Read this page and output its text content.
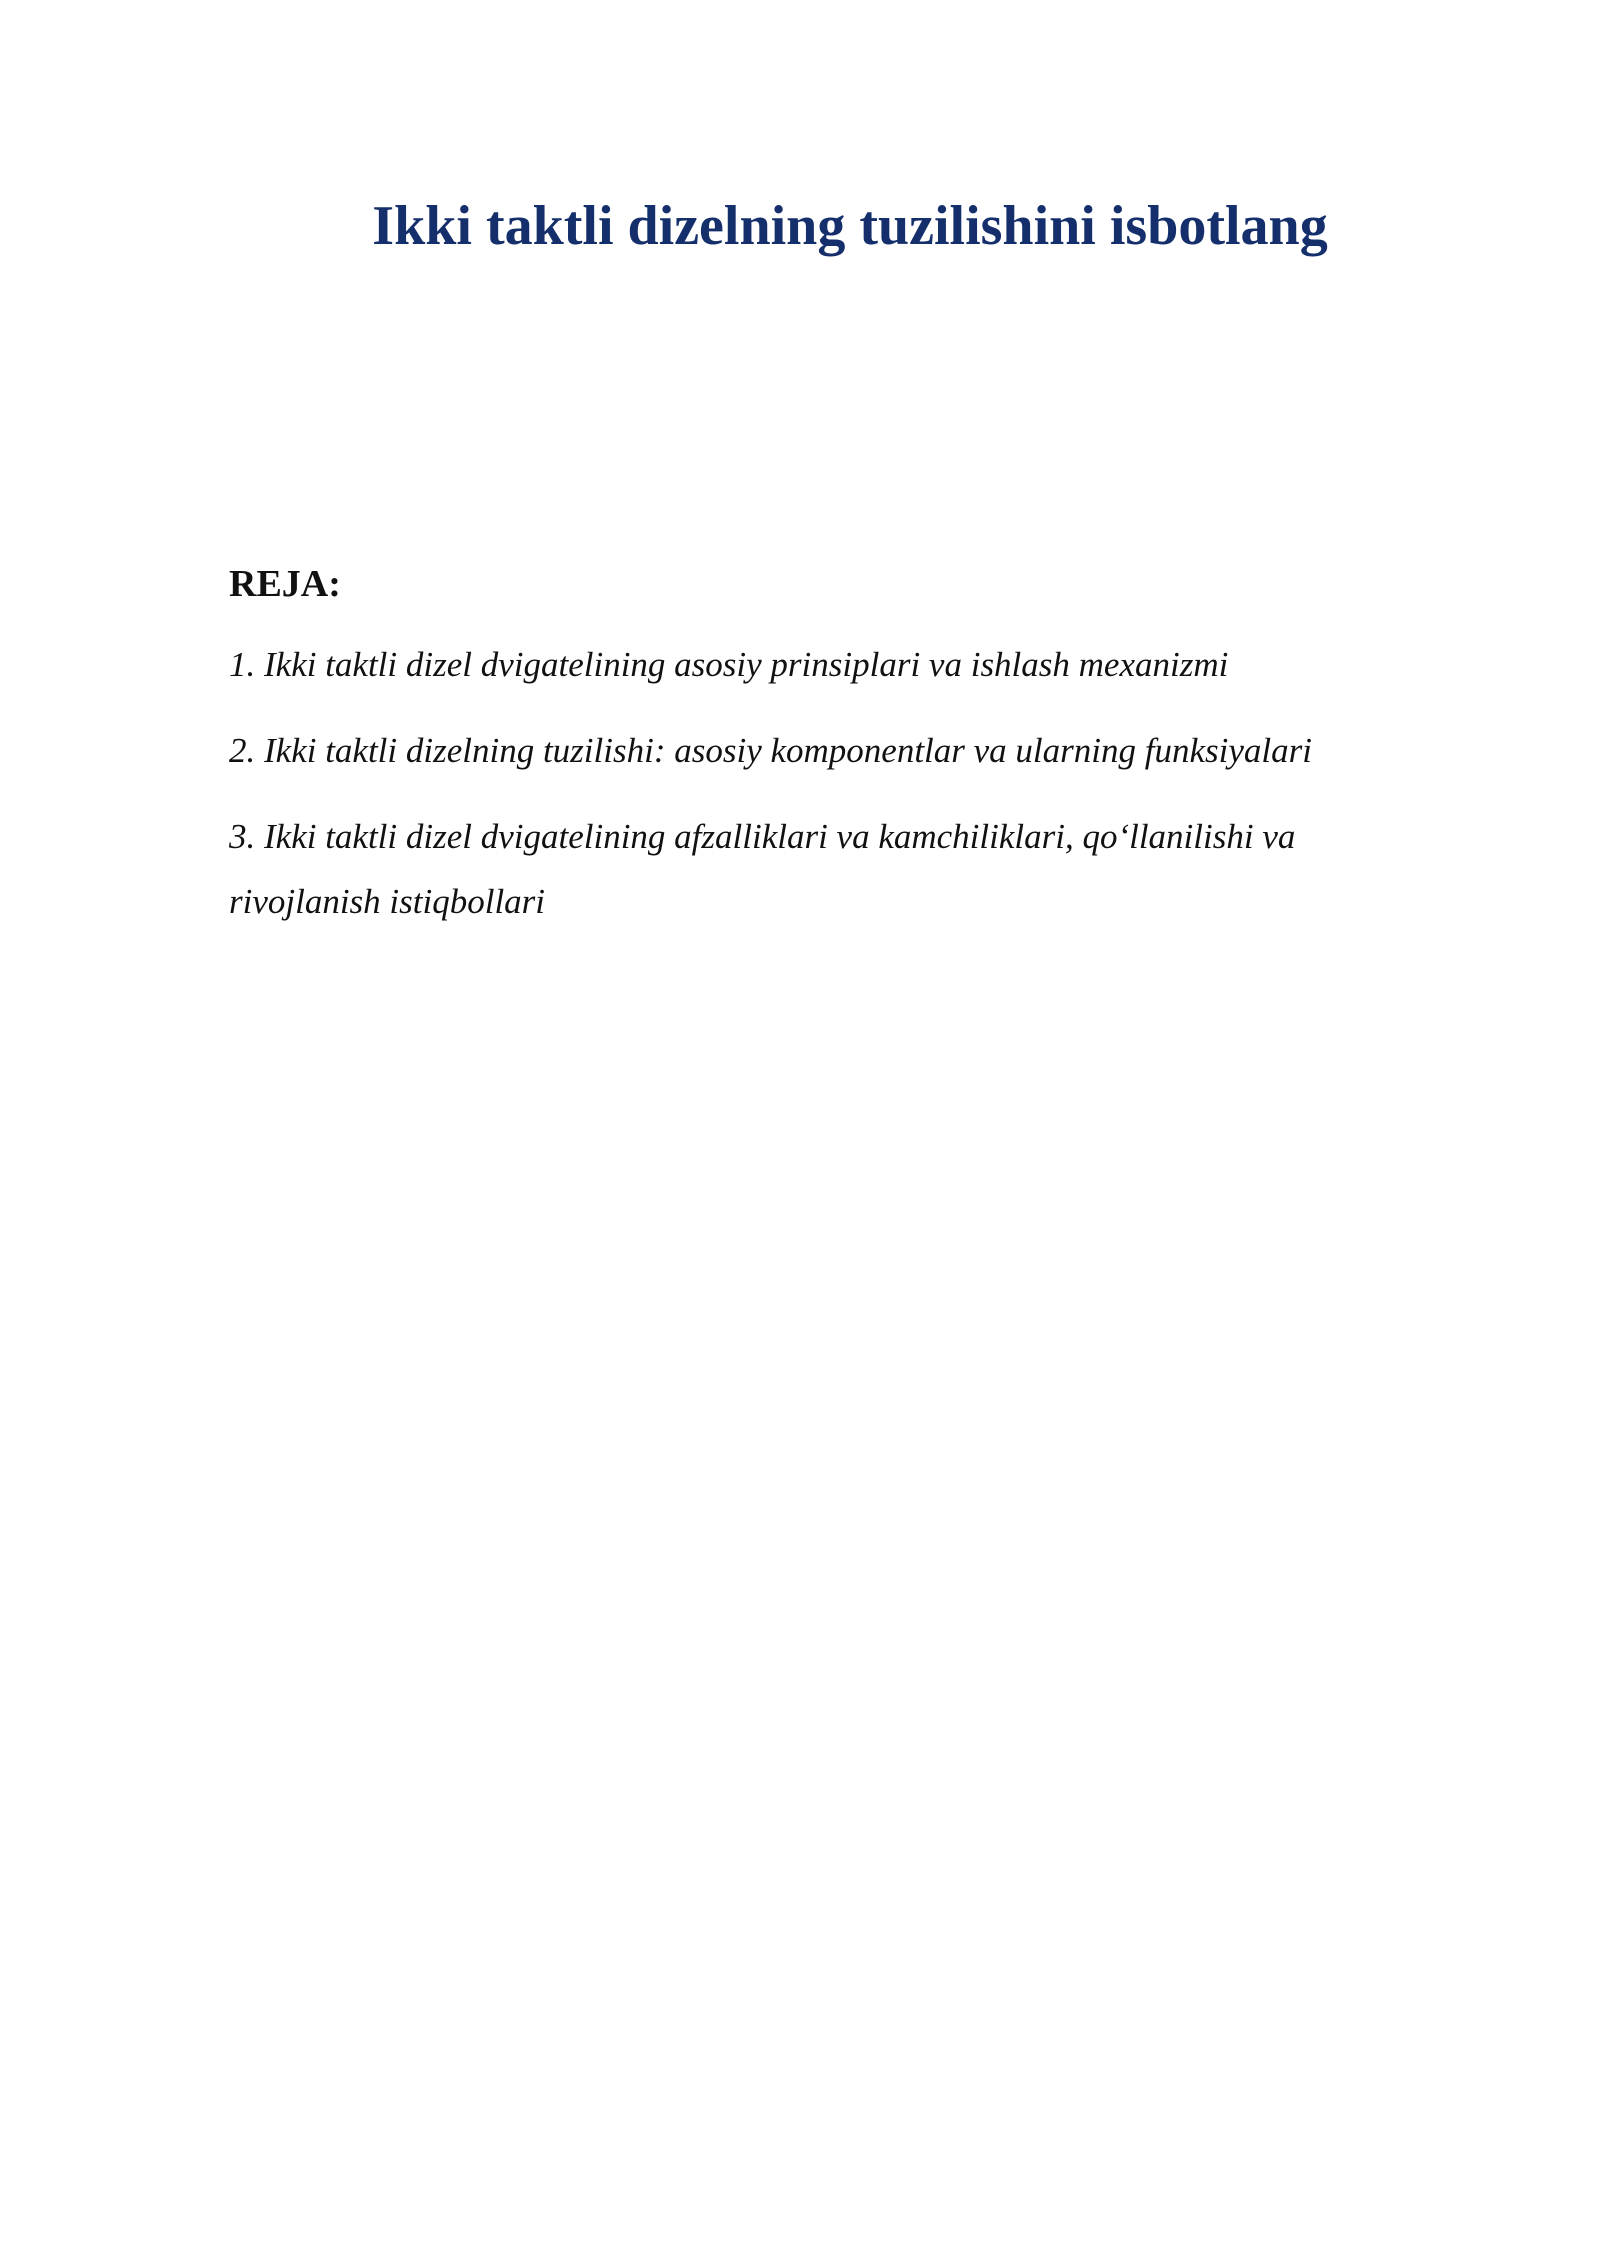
Ikki taktli dizelning tuzilishini isbotlang
REJA:
1. Ikki taktli dizel dvigatelining asosiy prinsiplari va ishlash mexanizmi
2. Ikki taktli dizelning tuzilishi: asosiy komponentlar va ularning funksiyalari
3. Ikki taktli dizel dvigatelining afzalliklari va kamchiliklari, qo‘llanilishi va rivojlanish istiqbollari
